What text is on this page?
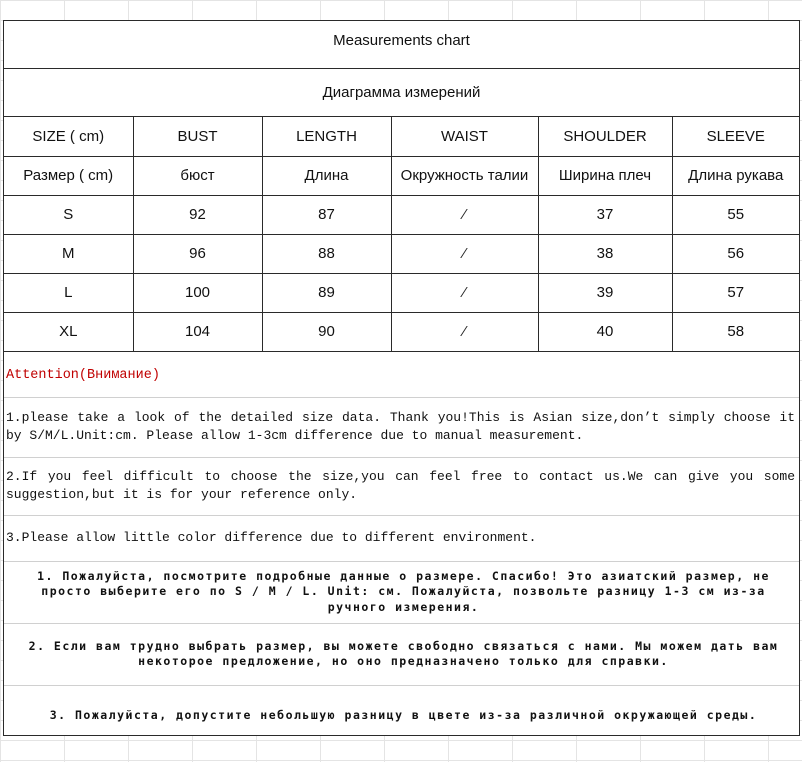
Measurements chart
Диаграмма измерений
SIZE ( cm)	BUST	LENGTH	WAIST	SHOULDER	SLEEVE
Размер ( cm)	бюст	Длина	Окружность талии	Ширина плеч	Длина рукава
S	92	87	⁄	37	55
M	96	88	⁄	38	56
L	100	89	⁄	39	57
XL	104	90	⁄	40	58
Attention(Внимание)
1.please take a look of the detailed size data. Thank you!This is Asian size,don’t simply choose it by S/M/L.Unit:cm. Please allow 1-3cm difference due to manual measurement.
2.If you feel difficult to choose the size,you can feel free to contact us.We can give you some suggestion,but it is for your reference only.
3.Please allow little color difference due to different environment.
1. Пожалуйста, посмотрите подробные данные о размере. Спасибо! Это азиатский размер, не просто выберите его по S / M / L. Unit: см. Пожалуйста, позвольте разницу 1-3 см из-за ручного измерения.
2. Если вам трудно выбрать размер, вы можете свободно связаться с нами. Мы можем дать вам некоторое предложение, но оно предназначено только для справки.
3. Пожалуйста, допустите небольшую разницу в цвете из-за различной окружающей среды.
